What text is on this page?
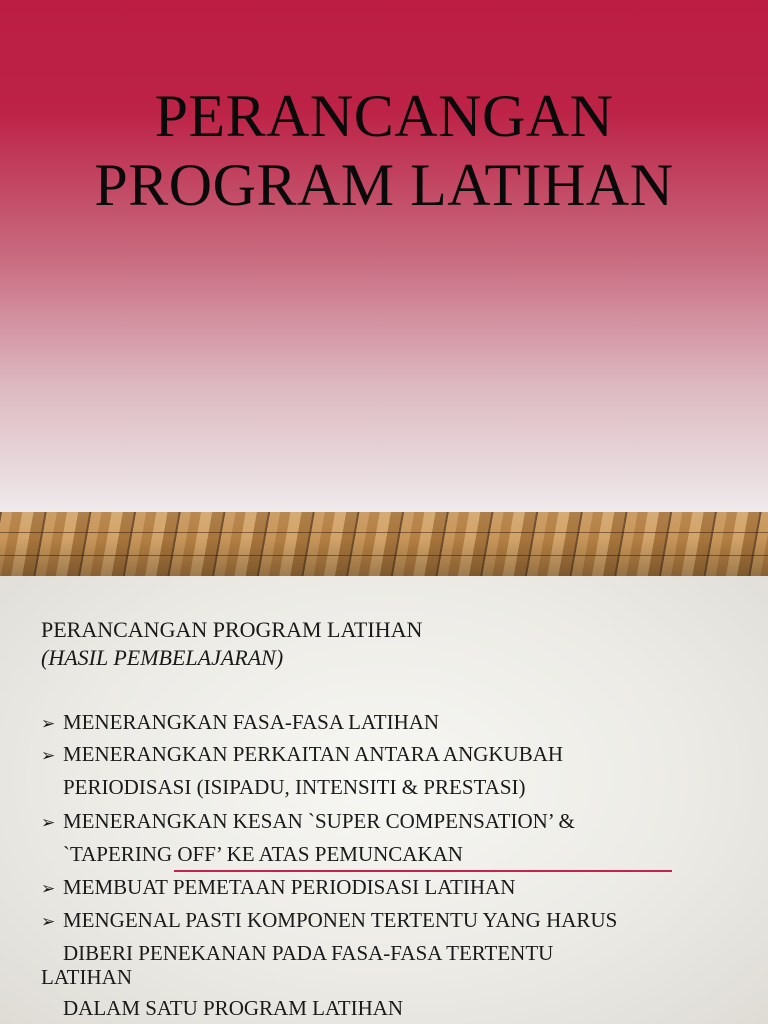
PERANCANGAN
PROGRAM LATIHAN

PERANCANGAN PROGRAM LATIHAN

(HASIL PEMBELAJARAN)

➢ MENERANGKAN FASA-FASA LATIHAN

➢ MENERANGKAN PERKAITAN ANTARA ANGKUBAH

PERIODISASI (ISIPADU, INTENSITI & PRESTASI)

➢ MENERANGKAN KESAN `SUPER COMPENSATION’ &

`TAPERING OFF’ KE ATAS PEMUNCAKAN

➢ MEMBUAT PEMETAAN PERIODISASI LATIHAN

➢ MENGENAL PASTI KOMPONEN TERTENTU YANG HARUS

DIBERI PENEKANAN PADA FASA-FASA TERTENTU

LATIHAN

DALAM SATU PROGRAM LATIHAN
